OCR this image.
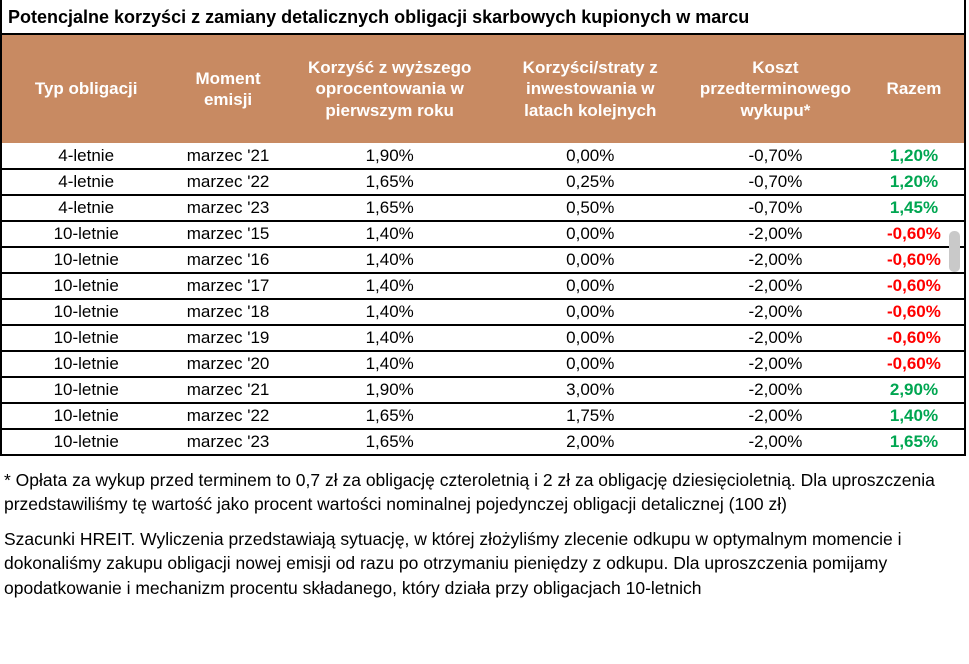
Potencjalne korzyści z zamiany detalicznych obligacji skarbowych kupionych w marcu
Typ obligacji	Moment emisji	Korzyść z wyższego oprocentowania w pierwszym roku	Korzyści/straty z inwestowania w latach kolejnych	Koszt przedterminowego wykupu*	Razem
4-letnie	marzec '21	1,90%	0,00%	-0,70%	1,20%
4-letnie	marzec '22	1,65%	0,25%	-0,70%	1,20%
4-letnie	marzec '23	1,65%	0,50%	-0,70%	1,45%
10-letnie	marzec '15	1,40%	0,00%	-2,00%	-0,60%
10-letnie	marzec '16	1,40%	0,00%	-2,00%	-0,60%
10-letnie	marzec '17	1,40%	0,00%	-2,00%	-0,60%
10-letnie	marzec '18	1,40%	0,00%	-2,00%	-0,60%
10-letnie	marzec '19	1,40%	0,00%	-2,00%	-0,60%
10-letnie	marzec '20	1,40%	0,00%	-2,00%	-0,60%
10-letnie	marzec '21	1,90%	3,00%	-2,00%	2,90%
10-letnie	marzec '22	1,65%	1,75%	-2,00%	1,40%
10-letnie	marzec '23	1,65%	2,00%	-2,00%	1,65%

* Opłata za wykup przed terminem to 0,7 zł za obligację czteroletnią i 2 zł za obligację dziesięcioletnią. Dla uproszczenia przedstawiliśmy tę wartość jako procent wartości nominalnej pojedynczej obligacji detalicznej (100 zł)

Szacunki HREIT. Wyliczenia przedstawiają sytuację, w której złożyliśmy zlecenie odkupu w optymalnym momencie i dokonaliśmy zakupu obligacji nowej emisji od razu po otrzymaniu pieniędzy z odkupu. Dla uproszczenia pomijamy opodatkowanie i mechanizm procentu składanego, który działa przy obligacjach 10-letnich
